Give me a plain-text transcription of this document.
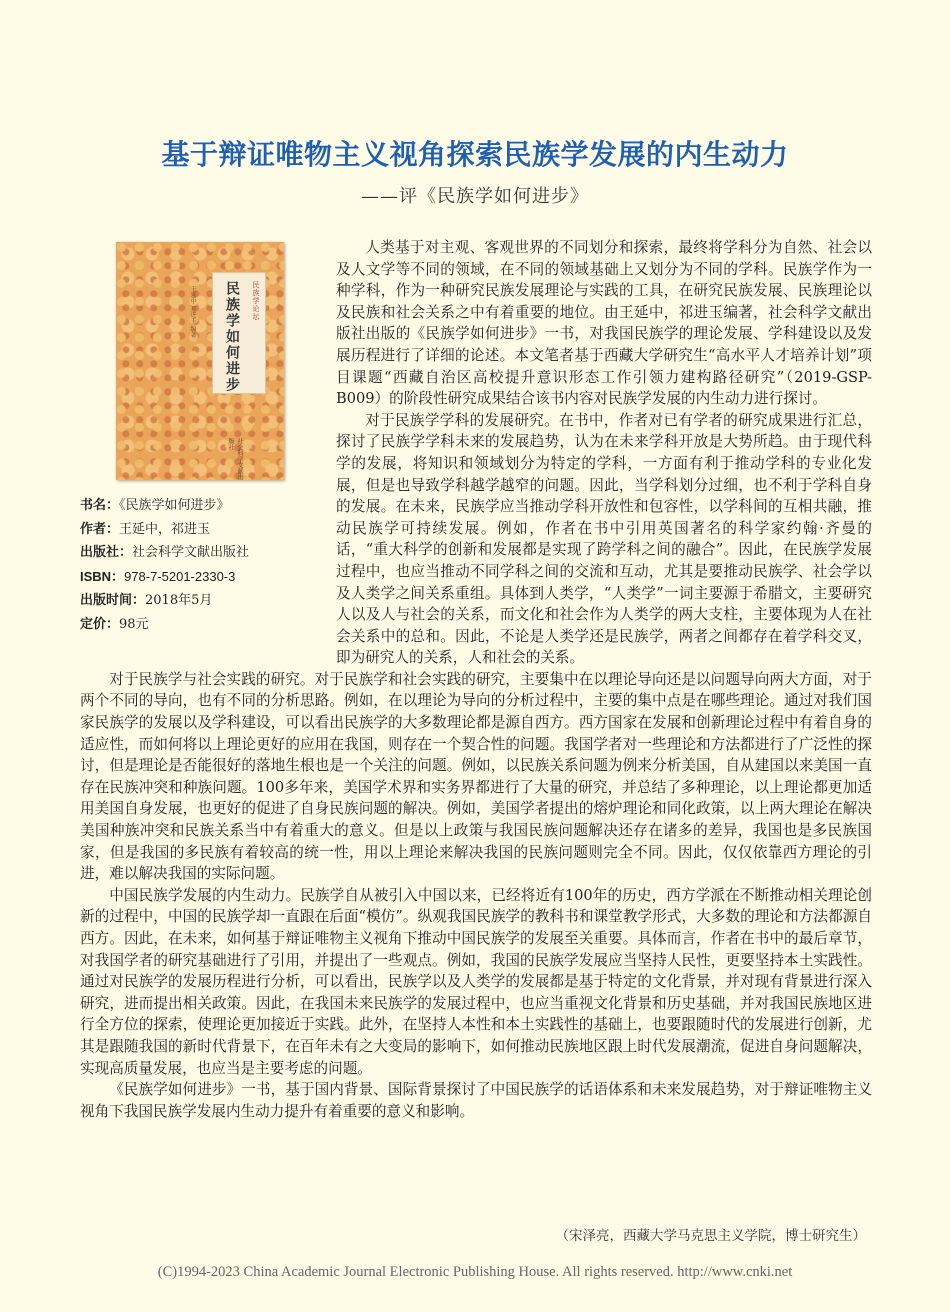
基于辩证唯物主义视角探索民族学发展的内生动力
——评《民族学如何进步》
民族学论坛
民族学如何进步
王延中 祁进玉 编著
社会科学文献出版社
书名：《民族学如何进步》
作者：王延中，祁进玉
出版社：社会科学文献出版社
ISBN：978-7-5201-2330-3
出版时间：2018年5月
定价：98元

人类基于对主观、客观世界的不同划分和探索，最终将学科分为自然、社会以及人文学等不同的领域，在不同的领域基础上又划分为不同的学科。民族学作为一种学科，作为一种研究民族发展理论与实践的工具，在研究民族发展、民族理论以及民族和社会关系之中有着重要的地位。由王延中，祁进玉编著，社会科学文献出版社出版的《民族学如何进步》一书，对我国民族学的理论发展、学科建设以及发展历程进行了详细的论述。本文笔者基于西藏大学研究生“高水平人才培养计划”项目课题“西藏自治区高校提升意识形态工作引领力建构路径研究”（2019-GSP-B009）的阶段性研究成果结合该书内容对民族学发展的内生动力进行探讨。

对于民族学学科的发展研究。在书中，作者对已有学者的研究成果进行汇总，探讨了民族学学科未来的发展趋势，认为在未来学科开放是大势所趋。由于现代科学的发展，将知识和领域划分为特定的学科，一方面有利于推动学科的专业化发展，但是也导致学科越学越窄的问题。因此，当学科划分过细，也不利于学科自身的发展。在未来，民族学应当推动学科开放性和包容性，以学科间的互相共融，推动民族学可持续发展。例如，作者在书中引用英国著名的科学家约翰·齐曼的话，“重大科学的创新和发展都是实现了跨学科之间的融合”。因此，在民族学发展过程中，也应当推动不同学科之间的交流和互动，尤其是要推动民族学、社会学以及人类学之间关系重组。具体到人类学，“人类学”一词主要源于希腊文，主要研究人以及人与社会的关系，而文化和社会作为人类学的两大支柱，主要体现为人在社会关系中的总和。因此，不论是人类学还是民族学，两者之间都存在着学科交叉，即为研究人的关系，人和社会的关系。

对于民族学与社会实践的研究。对于民族学和社会实践的研究，主要集中在以理论导向还是以问题导向两大方面，对于两个不同的导向，也有不同的分析思路。例如，在以理论为导向的分析过程中，主要的集中点是在哪些理论。通过对我们国家民族学的发展以及学科建设，可以看出民族学的大多数理论都是源自西方。西方国家在发展和创新理论过程中有着自身的适应性，而如何将以上理论更好的应用在我国，则存在一个契合性的问题。我国学者对一些理论和方法都进行了广泛性的探讨，但是理论是否能很好的落地生根也是一个关注的问题。例如，以民族关系问题为例来分析美国，自从建国以来美国一直存在民族冲突和种族问题。100多年来，美国学术界和实务界都进行了大量的研究，并总结了多种理论，以上理论都更加适用美国自身发展，也更好的促进了自身民族问题的解决。例如，美国学者提出的熔炉理论和同化政策，以上两大理论在解决美国种族冲突和民族关系当中有着重大的意义。但是以上政策与我国民族问题解决还存在诸多的差异，我国也是多民族国家，但是我国的多民族有着较高的统一性，用以上理论来解决我国的民族问题则完全不同。因此，仅仅依靠西方理论的引进，难以解决我国的实际问题。

中国民族学发展的内生动力。民族学自从被引入中国以来，已经将近有100年的历史，西方学派在不断推动相关理论创新的过程中，中国的民族学却一直跟在后面“模仿”。纵观我国民族学的教科书和课堂教学形式，大多数的理论和方法都源自西方。因此，在未来，如何基于辩证唯物主义视角下推动中国民族学的发展至关重要。具体而言，作者在书中的最后章节，对我国学者的研究基础进行了引用，并提出了一些观点。例如，我国的民族学发展应当坚持人民性，更要坚持本土实践性。通过对民族学的发展历程进行分析，可以看出，民族学以及人类学的发展都是基于特定的文化背景，并对现有背景进行深入研究，进而提出相关政策。因此，在我国未来民族学的发展过程中，也应当重视文化背景和历史基础，并对我国民族地区进行全方位的探索，使理论更加接近于实践。此外，在坚持人本性和本土实践性的基础上，也要跟随时代的发展进行创新，尤其是跟随我国的新时代背景下，在百年未有之大变局的影响下，如何推动民族地区跟上时代发展潮流，促进自身问题解决，实现高质量发展，也应当是主要考虑的问题。

《民族学如何进步》一书，基于国内背景、国际背景探讨了中国民族学的话语体系和未来发展趋势，对于辩证唯物主义视角下我国民族学发展内生动力提升有着重要的意义和影响。

（宋泽亮，西藏大学马克思主义学院，博士研究生）
(C)1994-2023 China Academic Journal Electronic Publishing House. All rights reserved. http://www.cnki.net
